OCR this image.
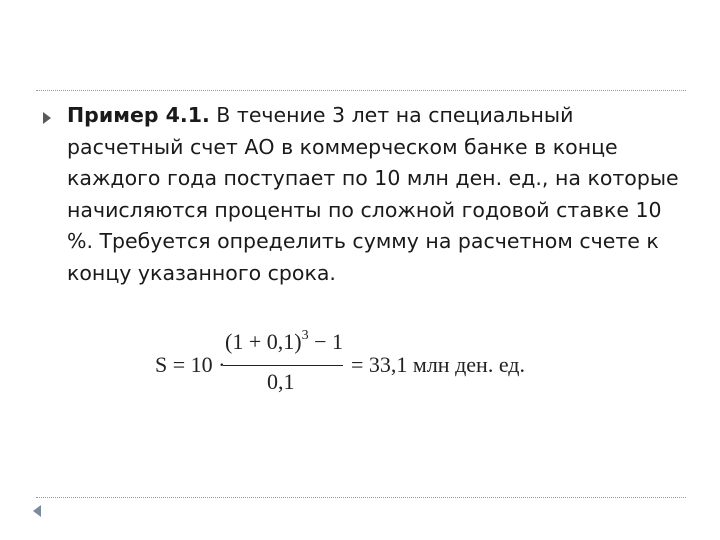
Пример 4.1. В течение 3 лет на специальный
расчетный счет АО в коммерческом банке в конце
каждого года поступает по 10 млн ден. ед., на которые
начисляются проценты по сложной годовой ставке 10
%. Требуется определить сумму на расчетном счете к
концу указанного срока.
S = 10 ·
$(1 + 0,1)^3 - 1$
0,1
= 33,1 млн ден. ед.
